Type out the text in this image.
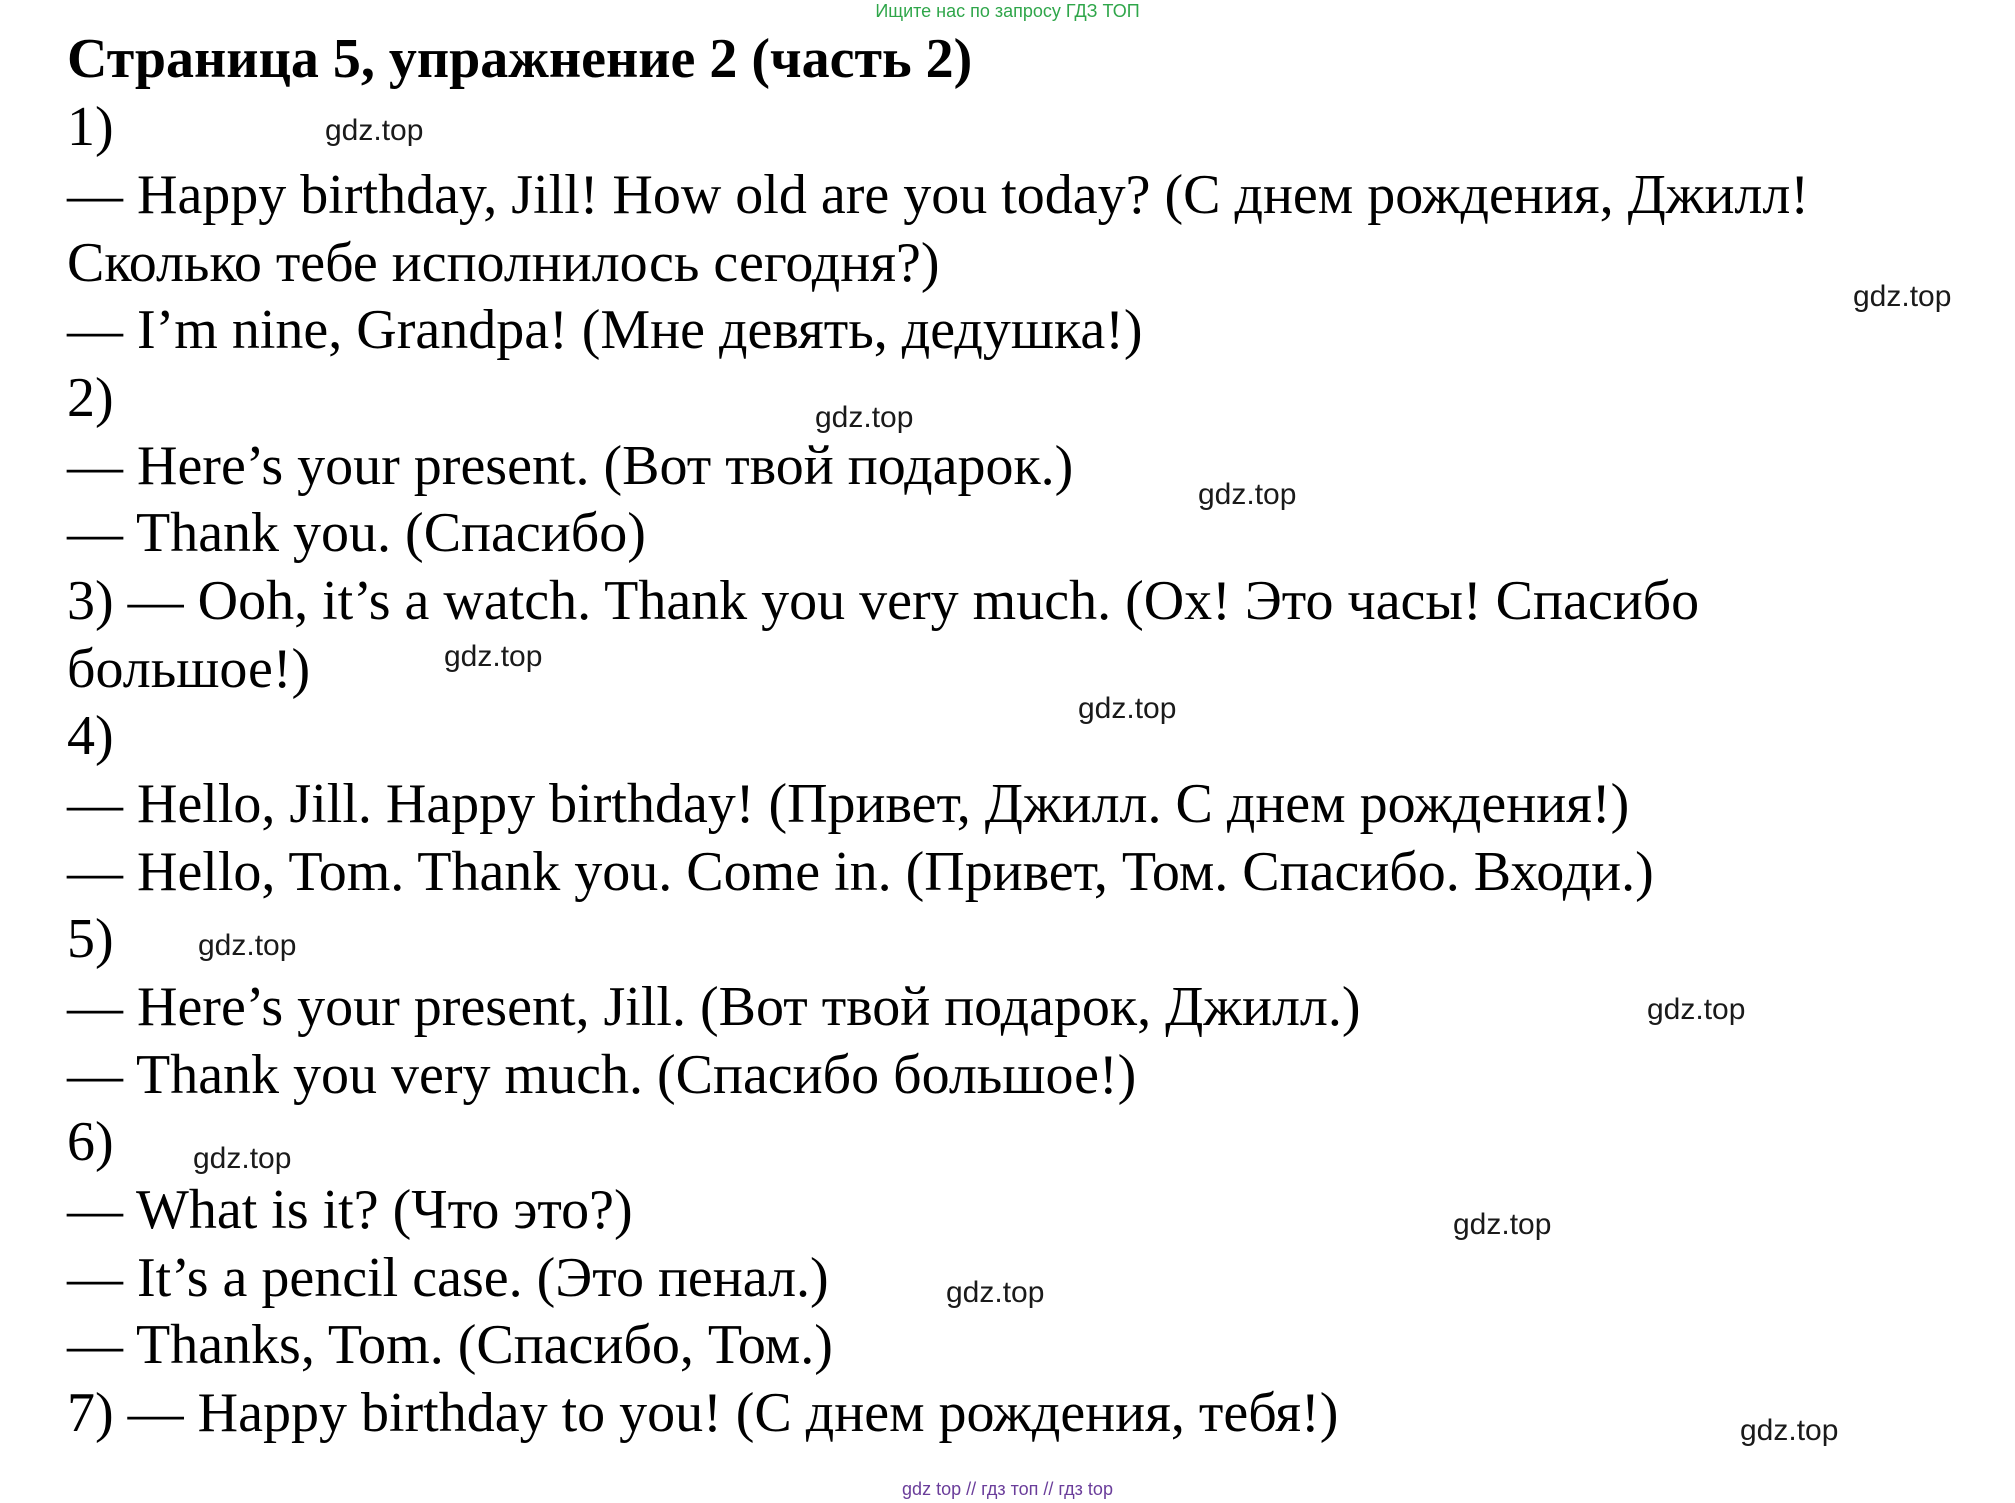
Ищите нас по запросу ГДЗ ТОП
Страница 5, упражнение 2 (часть 2)
1)
— Happy birthday, Jill! How old are you today? (С днем рождения, Джилл!
Сколько тебе исполнилось сегодня?)
— I’m nine, Grandpa! (Мне девять, дедушка!)
2)
— Here’s your present. (Вот твой подарок.)
— Thank you. (Спасибо)
3) — Ooh, it’s a watch. Thank you very much. (Ох! Это часы! Спасибо
большое!)
4)
— Hello, Jill. Happy birthday! (Привет, Джилл. С днем рождения!)
— Hello, Tom. Thank you. Come in. (Привет, Том. Спасибо. Входи.)
5)
— Here’s your present, Jill. (Вот твой подарок, Джилл.)
— Thank you very much. (Спасибо большое!)
6)
— What is it? (Что это?)
— It’s a pencil case. (Это пенал.)
— Thanks, Tom. (Спасибо, Том.)
7) — Happy birthday to you! (С днем рождения, тебя!)
gdz.top
gdz.top
gdz.top
gdz.top
gdz.top
gdz.top
gdz.top
gdz.top
gdz.top
gdz.top
gdz.top
gdz.top
gdz top // гдз топ // гдз top
